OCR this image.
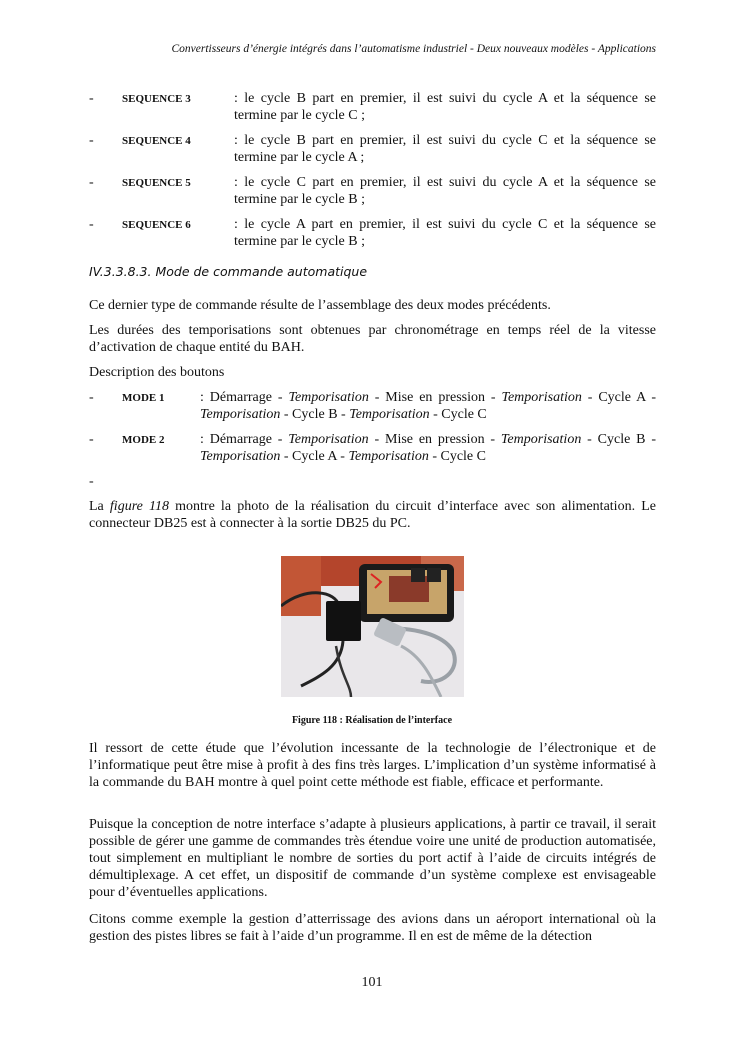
Convertisseurs d’énergie intégrés dans l’automatisme industriel - Deux nouveaux modèles - Applications
-	SEQUENCE 3	: le cycle B part en premier, il est suivi du cycle A et la séquence se termine par le cycle C ;
-	SEQUENCE 4	: le cycle B part en premier, il est suivi du cycle C et la séquence se termine par le cycle A ;
-	SEQUENCE 5	: le cycle C part en premier, il est suivi du cycle A et la séquence se termine par le cycle B ;
-	SEQUENCE 6	: le cycle A part en premier, il est suivi du cycle C et la séquence se termine par le cycle B ;
IV.3.3.8.3. Mode de commande automatique

Ce dernier type de commande résulte de l’assemblage des deux modes précédents.

Les durées des temporisations sont obtenues par chronométrage en temps réel de la vitesse d’activation de chaque entité du BAH.

Description des boutons

-	MODE 1	: Démarrage - Temporisation - Mise en pression - Temporisation - Cycle A - Temporisation - Cycle B - Temporisation - Cycle C
-	MODE 2	: Démarrage - Temporisation - Mise en pression - Temporisation - Cycle B - Temporisation - Cycle A - Temporisation - Cycle C
-

La figure 118 montre la photo de la réalisation du circuit d’interface avec son alimentation. Le connecteur DB25 est à connecter à la sortie DB25 du PC.

Figure 118 : Réalisation de l’interface

Il ressort de cette étude que l’évolution incessante de la technologie de l’électronique et de l’informatique peut être mise à profit à des fins très larges. L’implication d’un système informatisé à la commande du BAH montre à quel point cette méthode est fiable, efficace et performante.

Puisque la conception de notre interface s’adapte à plusieurs applications, à partir ce travail, il serait possible de gérer une gamme de commandes très étendue voire une unité de production automatisée, tout simplement en multipliant le nombre de sorties du port actif à l’aide de circuits intégrés de démultiplexage. A cet effet, un dispositif de commande d’un système complexe est envisageable pour d’éventuelles applications.

Citons comme exemple la gestion d’atterrissage des avions dans un aéroport international où la gestion des pistes libres se fait à l’aide d’un programme. Il en est de même de la détection

101
